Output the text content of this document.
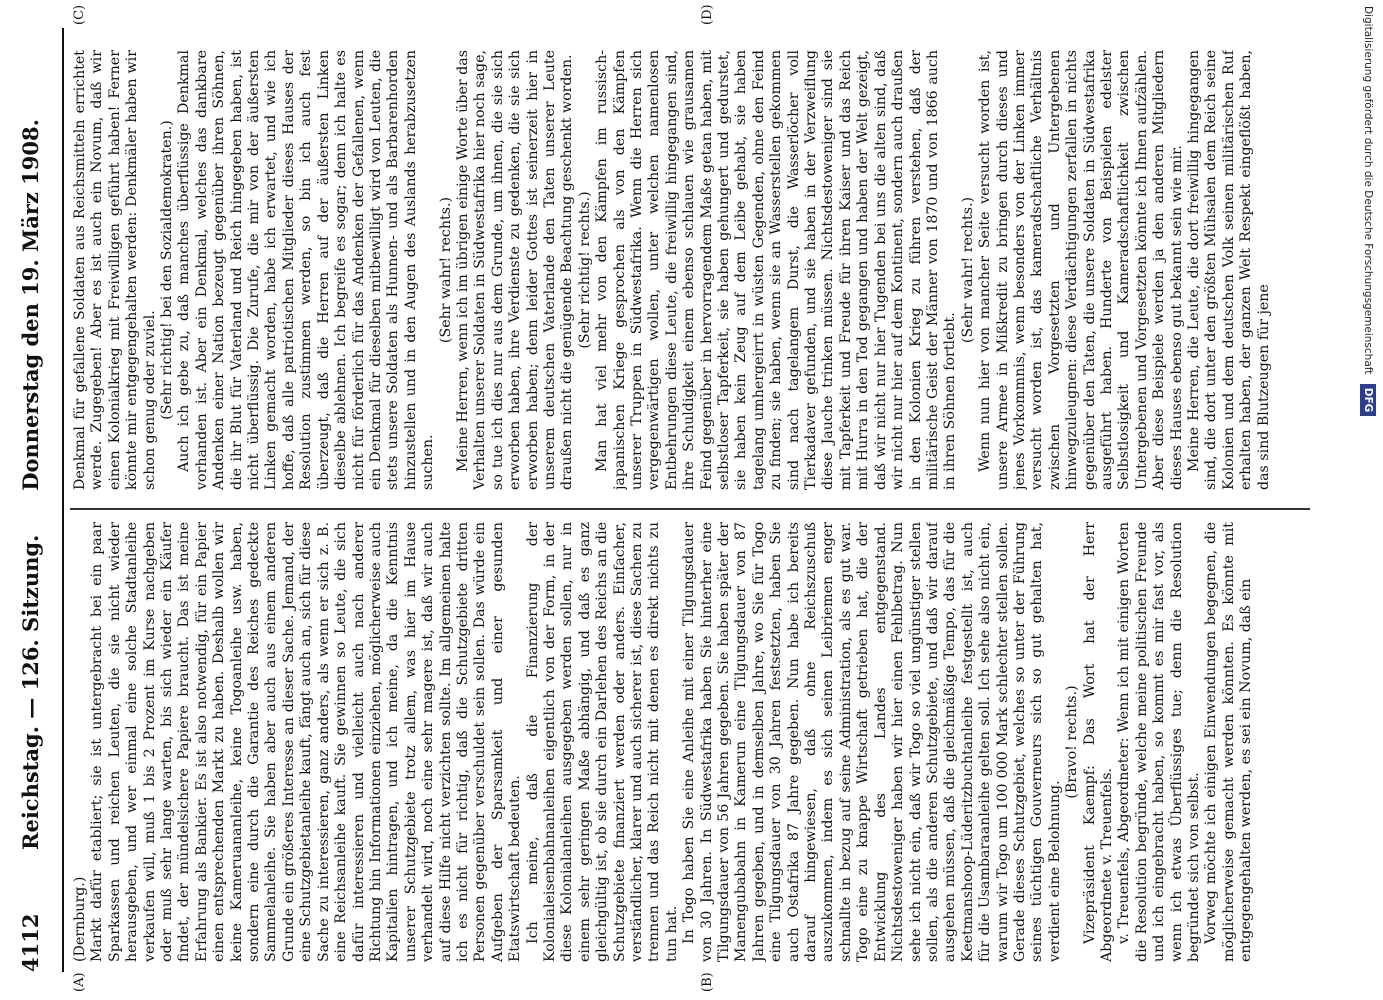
4112
Reichstag. — 126. Sitzung.      Donnerstag den 19. März 1908.
(A)	(B)
(C)	(D)

(Dernburg.) Markt dafür etabliert; sie ist untergebracht bei ein paar Sparkassen und reichen Leuten, die sie nicht wieder herausgeben, und wer einmal eine solche Stadtanleihe verkaufen will, muß 1 bis 2 Prozent im Kurse nachgeben oder muß sehr lange warten, bis sich wieder ein Käufer findet, der mündelsichere Papiere braucht. Das ist meine Erfahrung als Bankier. Es ist also notwendig, für ein Papier einen entsprechenden Markt zu haben. Deshalb wollen wir keine Kameruananleihe, keine Togoanleihe usw. haben, sondern eine durch die Garantie des Reiches gedeckte Sammelanleihe. Sie haben aber auch aus einem anderen Grunde ein größeres Interesse an dieser Sache. Jemand, der eine Schutzgebietanleihe kauft, fängt auch an, sich für diese Sache zu interessieren, ganz anders, als wenn er sich z. B. eine Reichsanleihe kauft. Sie gewinnen so Leute, die sich dafür interessieren und vielleicht auch nach anderer Richtung hin Informationen einziehen, möglicherweise auch Kapitalien hintragen, und ich meine, da die Kenntnis unserer Schutzgebiete trotz allem, was hier im Hause verhandelt wird, noch eine sehr magere ist, daß wir auch auf diese Hilfe nicht verzichten sollte. Im allgemeinen halte ich es nicht für richtig, daß die Schutzgebiete dritten Personen gegenüber verschuldet sein sollen. Das würde ein Aufgeben der Sparsamkeit und einer gesunden Etatswirtschaft bedeuten. Ich meine, daß die Finanzierung der Kolonialeisenbahnanleihen eigentlich von der Form, in der diese Kolonialanleihen ausgegeben werden sollen, nur in einem sehr geringen Maße abhängig, und daß es ganz gleichgültig ist, ob sie durch ein Darlehen des Reichs an die Schutzgebiete finanziert werden oder anders. Einfacher, verständlicher, klarer und auch sicherer ist, diese Sachen zu trennen und das Reich nicht mit denen es direkt nichts zu tun hat. In Togo haben Sie eine Anleihe mit einer Tilgungsdauer von 30 Jahren. In Südwestafrika haben Sie hinterher eine Tilgungsdauer von 56 Jahren gegeben. Sie haben später der Manengubabahn in Kamerun eine Tilgungsdauer von 87 Jahren gegeben, und in demselben Jahre, wo Sie für Togo eine Tilgungsdauer von 30 Jahren festsetzten, haben Sie auch Ostafrika 87 Jahre gegeben. Nun habe ich bereits darauf hingewiesen, daß ohne Reichszuschuß auszukommen, indem es sich seinen Leibriemen enger schnallte in bezug auf seine Administration, als es gut war. Togo eine zu knappe Wirtschaft getrieben hat, die der Entwicklung des Landes entgegenstand. Nichtsdestoweniger haben wir hier einen Fehlbetrag. Nun sehe ich nicht ein, daß wir Togo so viel ungünstiger stellen sollen, als die anderen Schutzgebiete, und daß wir darauf ausgehen müssen, daß die gleichmäßige Tempo, das für die Keetmanshoop-Lüderitzbuchtanleihe festgestellt ist, auch für die Usambaraanleihe gelten soll. Ich sehe also nicht ein, warum wir Togo um 100 000 Mark schlechter stellen sollen. Gerade dieses Schutzgebiet, welches so unter der Führung seines tüchtigen Gouverneurs sich so gut gehalten hat, verdient eine Belohnung.

(Bravo! rechts.) Vizepräsident Kaempf: Das Wort hat der Herr Abgeordnete v. Treuenfels. v. Treuenfels, Abgeordneter: Wenn ich mit einigen Worten die Resolution begründe, welche meine politischen Freunde und ich eingebracht haben, so kommt es mir fast vor, als wenn ich etwas Überflüssiges tue; denn die Resolution begründet sich von selbst. Vorweg möchte ich einigen Einwendungen begegnen, die möglicherweise gemacht werden könnten. Es könnte mit entgegengehalten werden, es sei ein Novum, daß ein

Denkmal für gefallene Soldaten aus Reichsmitteln errichtet werde. Zugegeben! Aber es ist auch ein Novum, daß wir einen Kolonialkrieg mit Freiwilligen geführt haben! Ferner könnte mir entgegengehalten werden: Denkmäler haben wir schon genug oder zuviel. (Sehr richtig! bei den Sozialdemokraten.) Auch ich gebe zu, daß manches überflüssige Denkmal vorhanden ist. Aber ein Denkmal, welches das dankbare Andenken einer Nation bezeugt gegenüber ihren Söhnen, die ihr Blut für Vaterland und Reich hingegeben haben, ist nicht überflüssig. Die Zurufe, die mir von der äußersten Linken gemacht worden, habe ich erwartet, und wie ich hoffe, daß alle patriotischen Mitglieder dieses Hauses der Resolution zustimmen werden, so bin ich auch fest überzeugt, daß die Herren auf der äußersten Linken dieselbe ablehnen. Ich begreife es sogar; denn ich halte es nicht für förderlich für das Andenken der Gefallenen, wenn ein Denkmal für dieselben mitbewilligt wird von Leuten, die stets unsere Soldaten als Hunnen- und als Barbarenhorden hinzustellen und in den Augen des Auslands herabzusetzen suchen.

(Sehr wahr! rechts.) Meine Herren, wenn ich im übrigen einige Worte über das Verhalten unserer Soldaten in Südwestafrika hier noch sage, so tue ich dies nur aus dem Grunde, um ihnen, die sie sich erworben haben, ihre Verdienste zu gedenken, die sie sich erworben haben; denn leider Gottes ist seinerzeit hier in unserem deutschen Vaterlande den Taten unserer Leute draußen nicht die genügende Beachtung geschenkt worden. (Sehr richtig! rechts.) Man hat viel mehr von den Kämpfen im russisch-japanischen Kriege gesprochen als von den Kämpfen unserer Truppen in Südwestafrika. Wenn die Herren sich vergegenwärtigen wollen, unter welchen namenlosen Entbehrungen diese Leute, die freiwillig hingegangen sind, ihre Schuldigkeit einem ebenso schlauen wie grausamen Feind gegenüber in hervorragendem Maße getan haben, mit selbstloser Tapferkeit, sie haben gehungert und gedurstet, sie haben kein Zeug auf dem Leibe gehabt, sie haben tagelang umhergeirrt in wüsten Gegenden, ohne den Feind zu finden; sie haben, wenn sie an Wasserstellen gekommen sind nach tagelangem Durst, die Wasserlöcher voll Tierkadaver gefunden, und sie haben in der Verzweiflung diese Jauche trinken müssen. Nichtsdestoweniger sind sie mit Tapferkeit und Freude für ihren Kaiser und das Reich mit Hurra in den Tod gegangen und haben der Welt gezeigt, daß wir nicht nur hier Tugenden bei uns die alten sind, daß wir nicht nur hier auf dem Kontinent, sondern auch draußen in den Kolonien Krieg zu führen verstehen, daß der militärische Geist der Männer von 1870 und von 1866 auch in ihren Söhnen fortlebt.

(Sehr wahr! rechts.) Wenn nun hier von mancher Seite versucht worden ist, unsere Armee in Mißkredit zu bringen durch dieses und jenes Vorkommnis, wenn besonders von der Linken immer versucht worden ist, das kameradschaftliche Verhältnis zwischen Vorgesetzten und Untergebenen hinwegzuleugnen: diese Verdächtigungen zerfallen in nichts gegenüber den Taten, die unsere Soldaten in Südwestafrika ausgeführt haben. Hunderte von Beispielen edelster Selbstlosigkeit und Kameradschaftlichkeit zwischen Untergebenen und Vorgesetzten könnte ich Ihnen aufzählen. Aber diese Beispiele werden ja den anderen Mitgliedern dieses Hauses ebenso gut bekannt sein wie mir. Meine Herren, die Leute, die dort freiwillig hingegangen sind, die dort unter den größten Mühsalen dem Reich seine Kolonien und dem deutschen Volk seinen militärischen Ruf erhalten haben, der ganzen Welt Respekt eingeflößt haben, das sind Blutzeugen für jene

Digitalisierung gefördert durch die Deutsche Forschungsgemeinschaft DFG
